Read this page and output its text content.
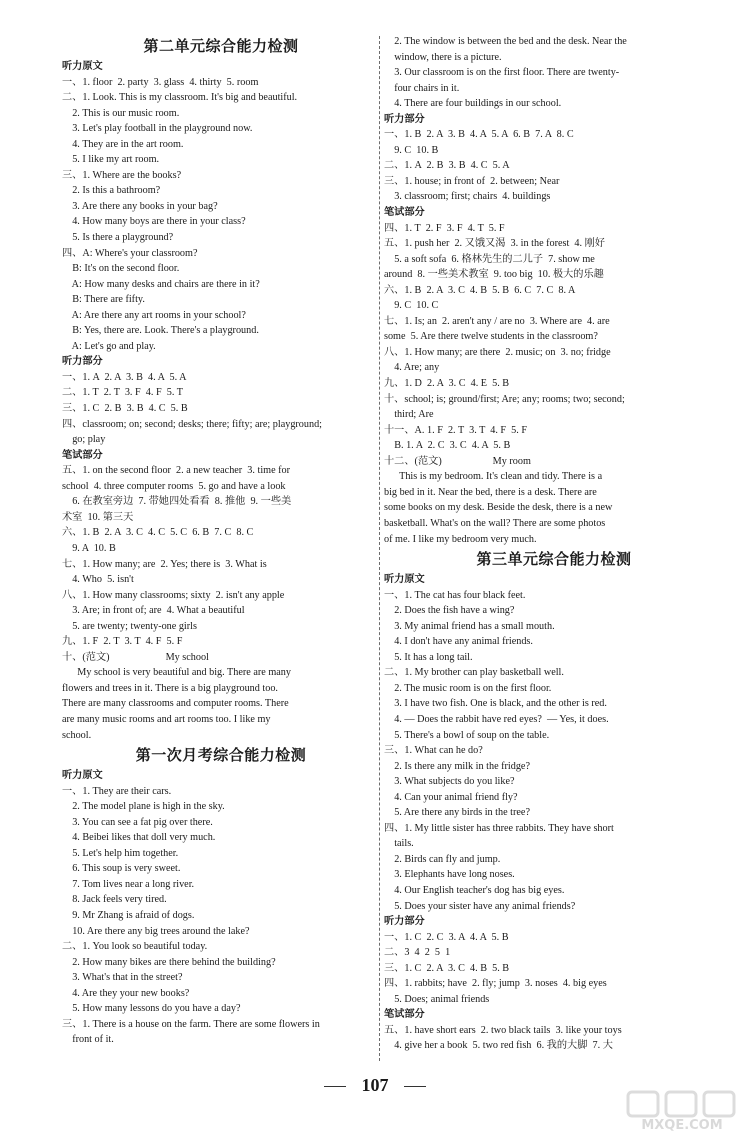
第二单元综合能力检测
听力原文
一、1. floor  2. party  3. glass  4. thirty  5. room
二、1. Look. This is my classroom. It's big and beautiful.
2. This is our music room.
3. Let's play football in the playground now.
4. They are in the art room.
5. I like my art room.
三、1. Where are the books?
2. Is this a bathroom?
3. Are there any books in your bag?
4. How many boys are there in your class?
5. Is there a playground?
四、A: Where's your classroom?
B: It's on the second floor.
A: How many desks and chairs are there in it?
B: There are fifty.
A: Are there any art rooms in your school?
B: Yes, there are. Look. There's a playground.
A: Let's go and play.
听力部分
一、1. A  2. A  3. B  4. A  5. A
二、1. T  2. T  3. F  4. F  5. T
三、1. C  2. B  3. B  4. C  5. B
四、classroom; on; second; desks; there; fifty; are; playground;
go; play
笔试部分
五、1. on the second floor  2. a new teacher  3. time for
school  4. three computer rooms  5. go and have a look
6. 在教室旁边  7. 带她四处看看  8. 推他  9. 一些美
术室  10. 第三天
六、1. B  2. A  3. C  4. C  5. C  6. B  7. C  8. C
9. A  10. B
七、1. How many; are  2. Yes; there is  3. What is
4. Who  5. isn't
八、1. How many classrooms; sixty  2. isn't any apple
3. Are; in front of; are  4. What a beautiful
5. are twenty; twenty-one girls
九、1. F  2. T  3. T  4. F  5. F
十、(范文)                      My school
My school is very beautiful and big. There are many
flowers and trees in it. There is a big playground too.
There are many classrooms and computer rooms. There
are many music rooms and art rooms too. I like my
school.
第一次月考综合能力检测
听力原文
一、1. They are their cars.
2. The model plane is high in the sky.
3. You can see a fat pig over there.
4. Beibei likes that doll very much.
5. Let's help him together.
6. This soup is very sweet.
7. Tom lives near a long river.
8. Jack feels very tired.
9. Mr Zhang is afraid of dogs.
10. Are there any big trees around the lake?
二、1. You look so beautiful today.
2. How many bikes are there behind the building?
3. What's that in the street?
4. Are they your new books?
5. How many lessons do you have a day?
三、1. There is a house on the farm. There are some flowers in
front of it.
2. The window is between the bed and the desk. Near the
window, there is a picture.
3. Our classroom is on the first floor. There are twenty-
four chairs in it.
4. There are four buildings in our school.
听力部分
一、1. B  2. A  3. B  4. A  5. A  6. B  7. A  8. C
9. C  10. B
二、1. A  2. B  3. B  4. C  5. A
三、1. house; in front of  2. between; Near
3. classroom; first; chairs  4. buildings
笔试部分
四、1. T  2. F  3. F  4. T  5. F
五、1. push her  2. 又饿又渴  3. in the forest  4. 刚好
5. a soft sofa  6. 格林先生的二儿子  7. show me
around  8. 一些美术教室  9. too big  10. 极大的乐趣
六、1. B  2. A  3. C  4. B  5. B  6. C  7. C  8. A
9. C  10. C
七、1. Is; an  2. aren't any / are no  3. Where are  4. are
some  5. Are there twelve students in the classroom?
八、1. How many; are there  2. music; on  3. no; fridge
4. Are; any
九、1. D  2. A  3. C  4. E  5. B
十、school; is; ground/first; Are; any; rooms; two; second;
third; Are
十一、A. 1. F  2. T  3. T  4. F  5. F
B. 1. A  2. C  3. C  4. A  5. B
十二、(范文)                    My room
This is my bedroom. It's clean and tidy. There is a
big bed in it. Near the bed, there is a desk. There are
some books on my desk. Beside the desk, there is a new
basketball. What's on the wall? There are some photos
of me. I like my bedroom very much.
第三单元综合能力检测
听力原文
一、1. The cat has four black feet.
2. Does the fish have a wing?
3. My animal friend has a small mouth.
4. I don't have any animal friends.
5. It has a long tail.
二、1. My brother can play basketball well.
2. The music room is on the first floor.
3. I have two fish. One is black, and the other is red.
4. — Does the rabbit have red eyes?  — Yes, it does.
5. There's a bowl of soup on the table.
三、1. What can he do?
2. Is there any milk in the fridge?
3. What subjects do you like?
4. Can your animal friend fly?
5. Are there any birds in the tree?
四、1. My little sister has three rabbits. They have short
tails.
2. Birds can fly and jump.
3. Elephants have long noses.
4. Our English teacher's dog has big eyes.
5. Does your sister have any animal friends?
听力部分
一、1. C  2. C  3. A  4. A  5. B
二、3  4  2  5  1
三、1. C  2. A  3. C  4. B  5. B
四、1. rabbits; have  2. fly; jump  3. noses  4. big eyes
5. Does; animal friends
笔试部分
五、1. have short ears  2. two black tails  3. like your toys
4. give her a book  5. two red fish  6. 我的大脚  7. 大
107
MXQE.COM
